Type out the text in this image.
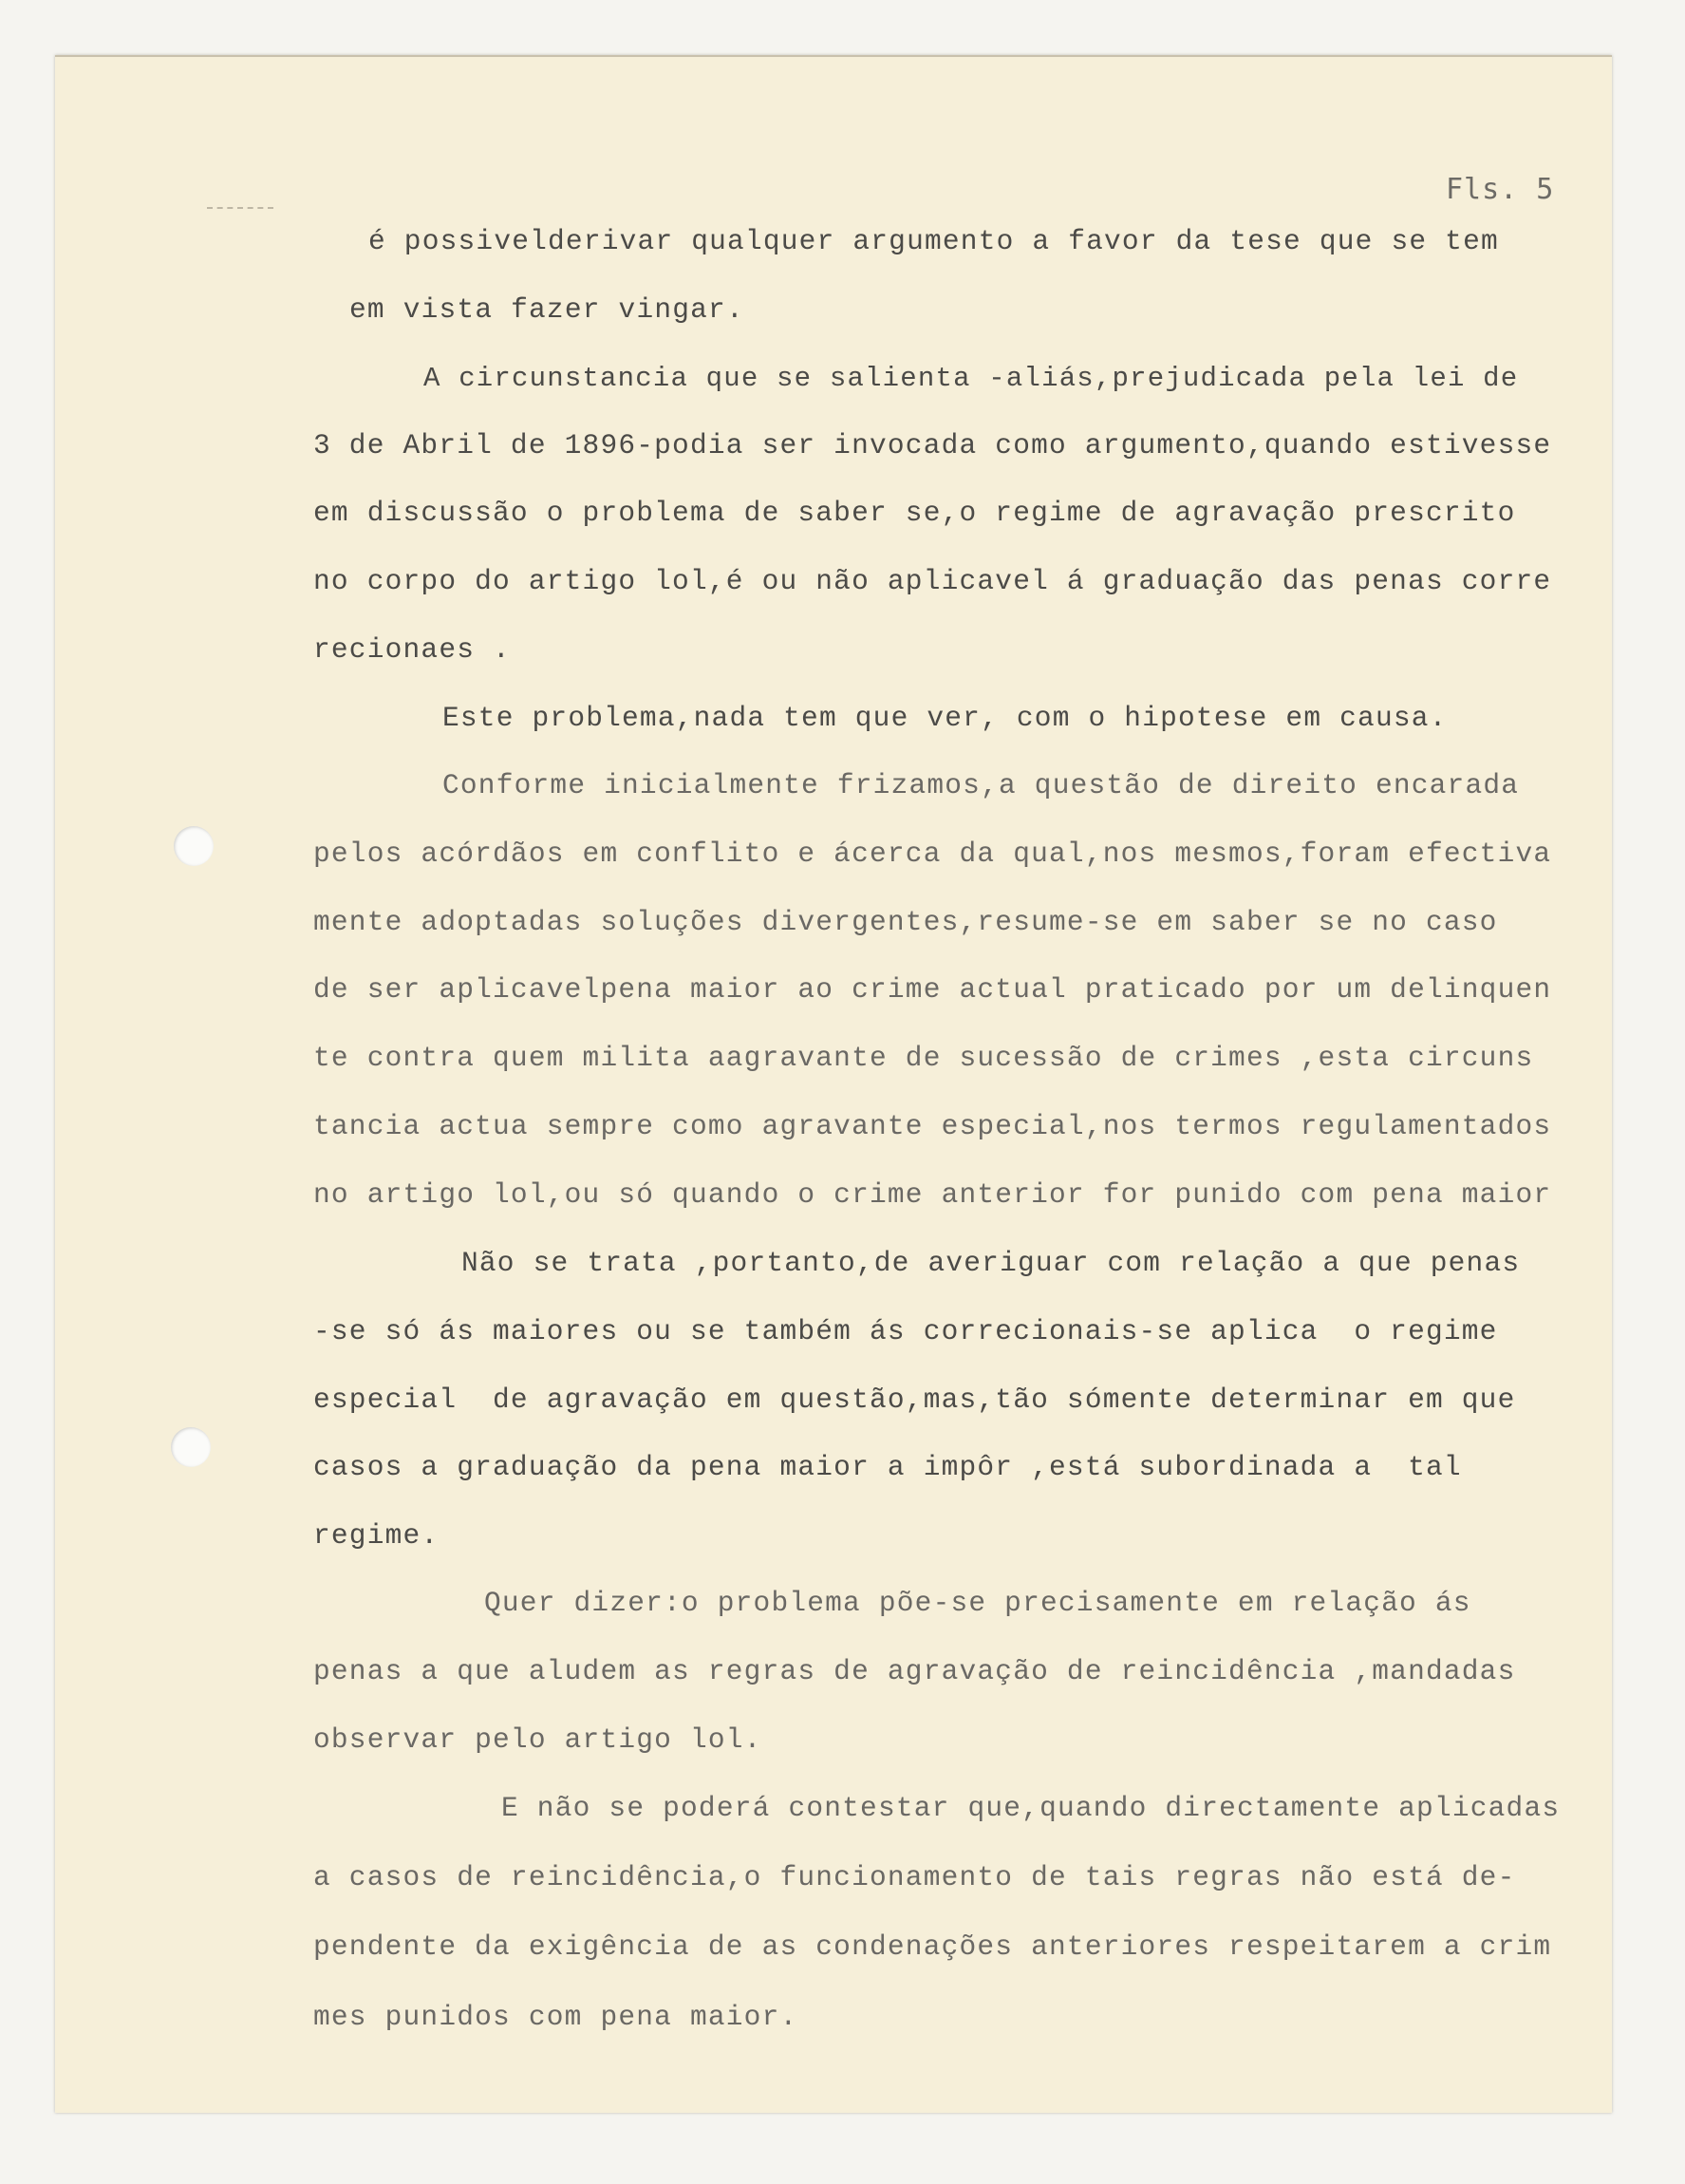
Fls. 5
é possivelderivar qualquer argumento a favor da tese que se tem
em vista fazer vingar.
A circunstancia que se salienta -aliás,prejudicada pela lei de
3 de Abril de 1896-podia ser invocada como argumento,quando estivesse
em discussão o problema de saber se,o regime de agravação prescrito
no corpo do artigo lol,é ou não aplicavel á graduação das penas corre
recionaes .
Este problema,nada tem que ver, com o hipotese em causa.
Conforme inicialmente frizamos,a questão de direito encarada
pelos acórdãos em conflito e ácerca da qual,nos mesmos,foram efectiva
mente adoptadas soluções divergentes,resume-se em saber se no caso
de ser aplicavelpena maior ao crime actual praticado por um delinquen
te contra quem milita aagravante de sucessão de crimes ,esta circuns
tancia actua sempre como agravante especial,nos termos regulamentados
no artigo lol,ou só quando o crime anterior for punido com pena maior
Não se trata ,portanto,de averiguar com relação a que penas
-se só ás maiores ou se também ás correcionais-se aplica  o regime
especial  de agravação em questão,mas,tão sómente determinar em que
casos a graduação da pena maior a impôr ,está subordinada a  tal
regime.
Quer dizer:o problema põe-se precisamente em relação ás
penas a que aludem as regras de agravação de reincidência ,mandadas
observar pelo artigo lol.
E não se poderá contestar que,quando directamente aplicadas
a casos de reincidência,o funcionamento de tais regras não está de-
pendente da exigência de as condenações anteriores respeitarem a crim
mes punidos com pena maior.
